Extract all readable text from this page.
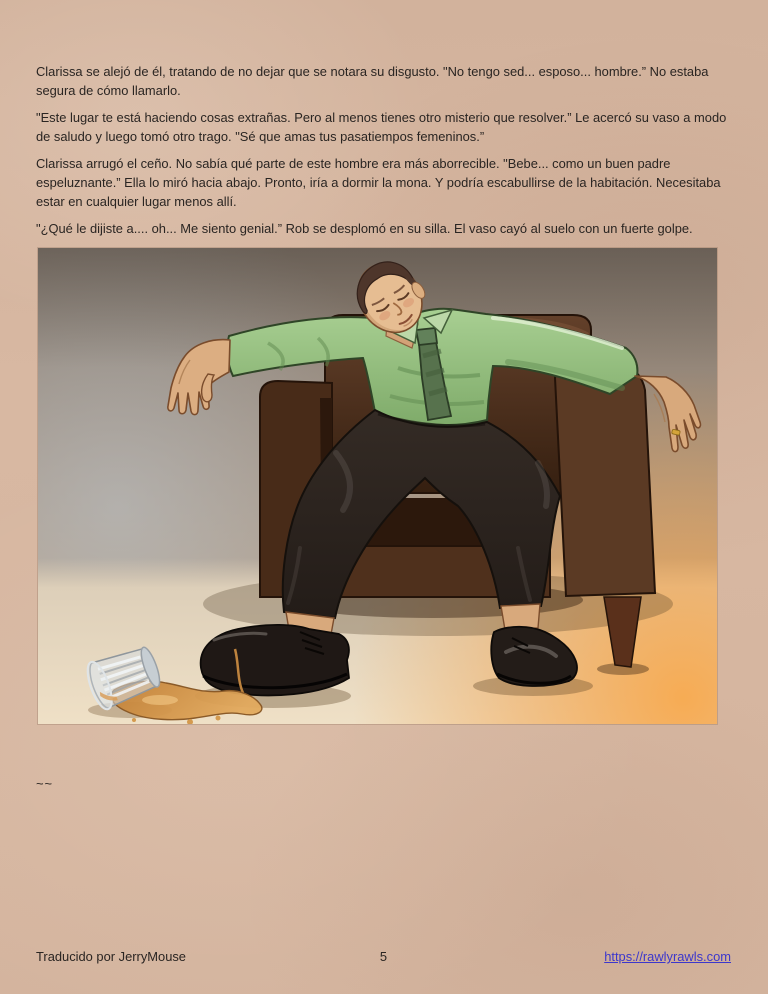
Clarissa se alejó de él, tratando de no dejar que se notara su disgusto. "No tengo sed... esposo... hombre.” No estaba segura de cómo llamarlo.

"Este lugar te está haciendo cosas extrañas. Pero al menos tienes otro misterio que resolver.” Le acercó su vaso a modo de saludo y luego tomó otro trago. "Sé que amas tus pasatiempos femeninos.”

Clarissa arrugó el ceño. No sabía qué parte de este hombre era más aborrecible. "Bebe... como un buen padre espeluznante.” Ella lo miró hacia abajo. Pronto, iría a dormir la mona. Y podría escabullirse de la habitación. Necesitaba estar en cualquier lugar menos allí.

"¿Qué le dijiste a.... oh... Me siento genial.” Rob se desplomó en su silla. El vaso cayó al suelo con un fuerte golpe.

~~
Traducido por JerryMouse	5	https://rawlyrawls.com
